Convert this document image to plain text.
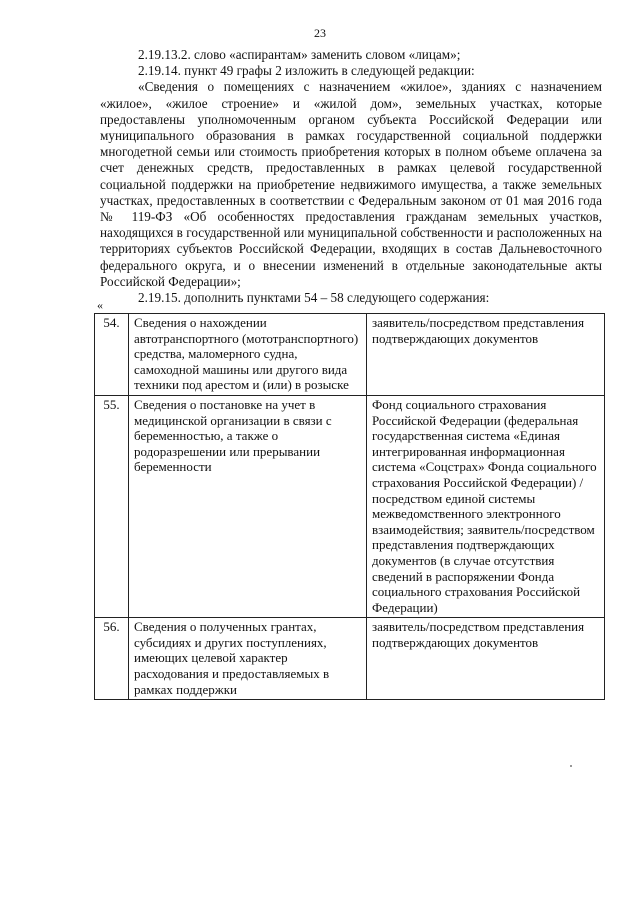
23

2.19.13.2. слово «аспирантам» заменить словом «лицам»;

2.19.14. пункт 49 графы 2 изложить в следующей редакции:

«Сведения о помещениях с назначением «жилое», зданиях с назначением «жилое», «жилое строение» и «жилой дом», земельных участках, которые предоставлены уполномоченным органом субъекта Российской Федерации или муниципального образования в рамках государственной социальной поддержки многодетной семьи или стоимость приобретения которых в полном объеме оплачена за счет денежных средств, предоставленных в рамках целевой государственной социальной поддержки на приобретение недвижимого имущества, а также земельных участках, предоставленных в соответствии с Федеральным законом от 01 мая 2016 года № 119-ФЗ «Об особенностях предоставления гражданам земельных участков, находящихся в государственной или муниципальной собственности и расположенных на территориях субъектов Российской Федерации, входящих в состав Дальневосточного федерального округа, и о внесении изменений в отдельные законодательные акты Российской Федерации»;

2.19.15. дополнить пунктами 54 – 58 следующего содержания:

«
54.	Сведения о нахождении автотранспортного (мототранспортного) средства, маломерного судна, самоходной машины или другого вида техники под арестом и (или) в розыске	заявитель/посредством представления подтверждающих документов
55.	Сведения о постановке на учет в медицинской организации в связи с беременностью, а также о родоразрешении или прерывании беременности	Фонд социального страхования Российской Федерации (федеральная государственная система «Единая интегрированная информационная система «Соцстрах» Фонда социального страхования Российской Федерации) / посредством единой системы межведомственного электронного взаимодействия; заявитель/посредством представления подтверждающих документов (в случае отсутствия сведений в распоряжении Фонда социального страхования Российской Федерации)
56.	Сведения о полученных грантах, субсидиях и других поступлениях, имеющих целевой характер расходования и предоставляемых в рамках поддержки	заявитель/посредством представления подтверждающих документов
